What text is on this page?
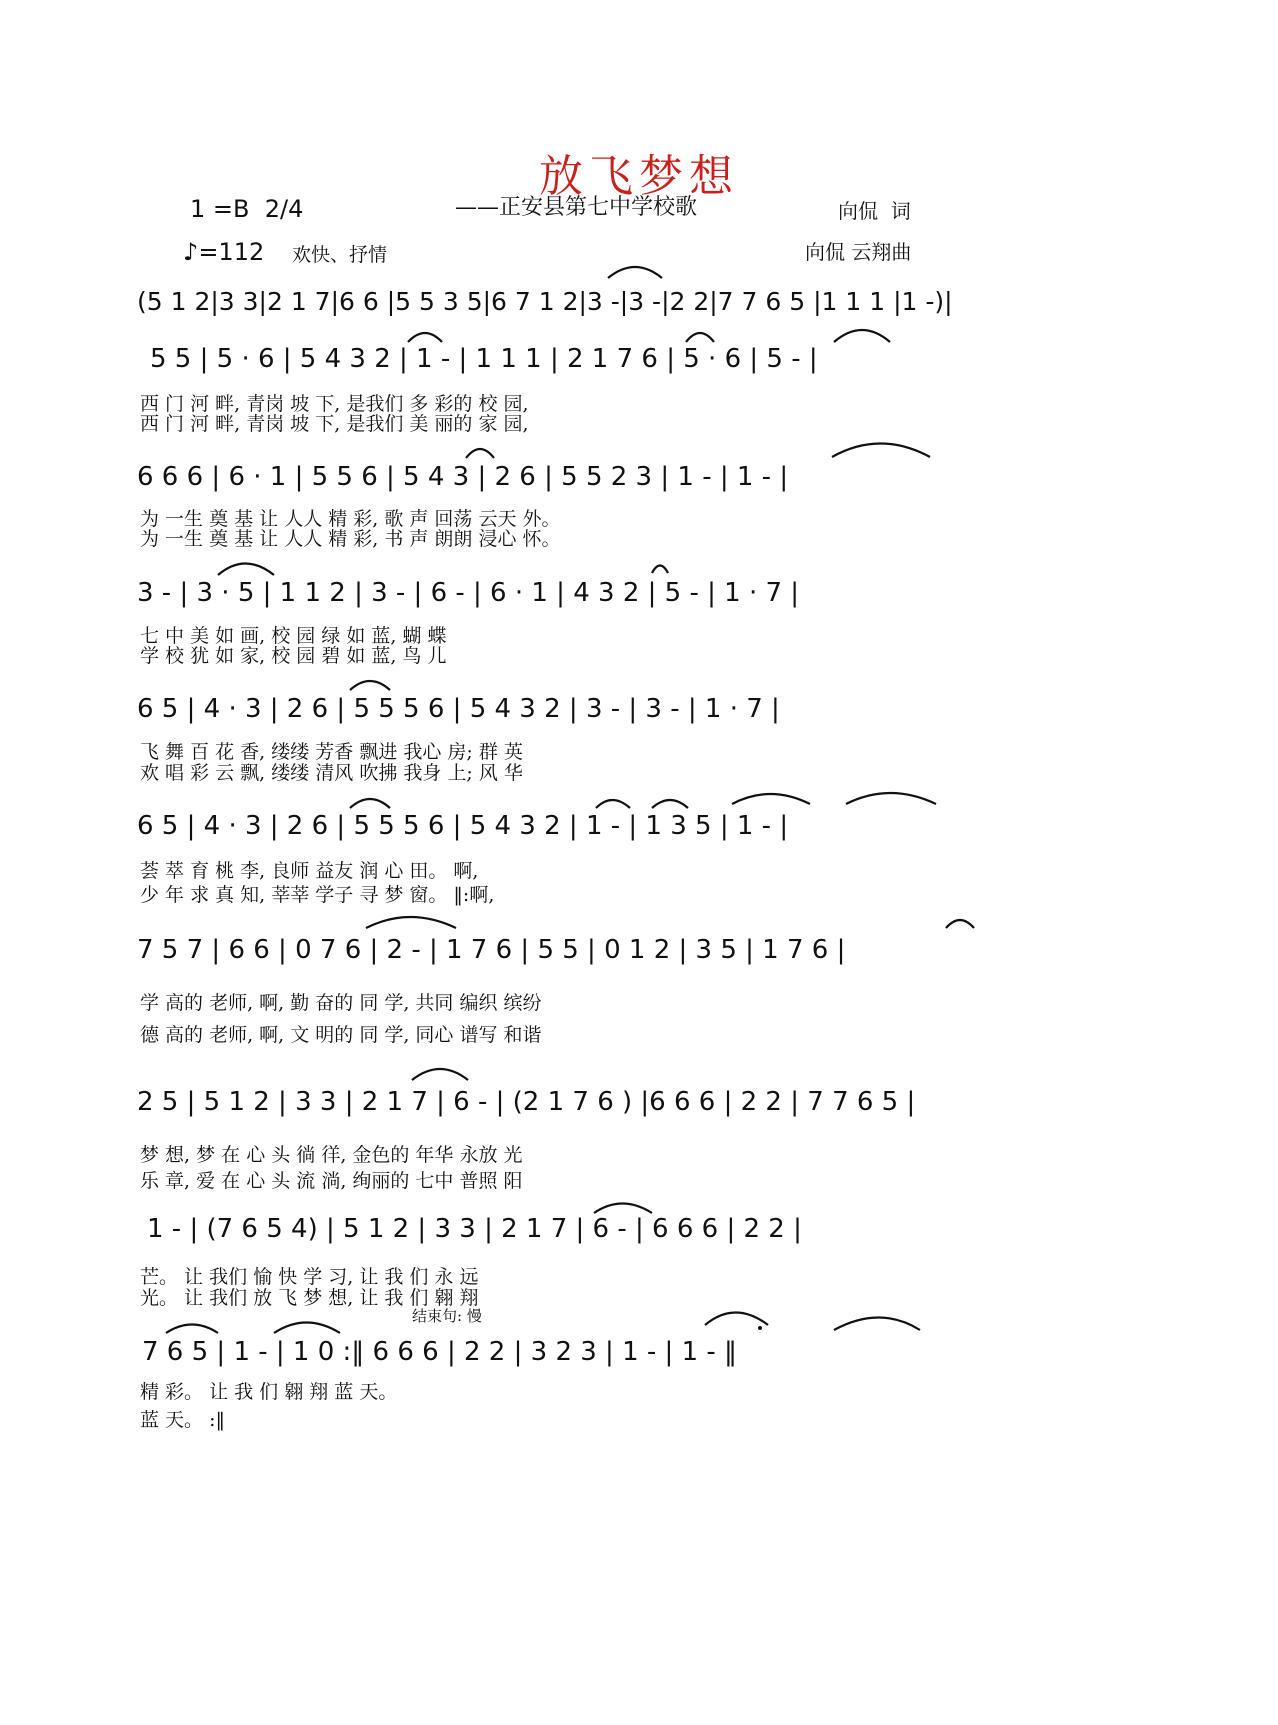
放飞梦想
1 =B  2/4	——正安县第七中学校歌	向侃  词
♪=112 欢快、抒情	向侃 云翔曲
(5 1 2|3 3|2 1 7|6 6 |5 5 3 5|6 7 1 2|3 -|3 -|2 2|7 7 6 5 |1 1 1 |1 -)|
5 5 | 5 · 6 | 5 4 3 2 | 1 - | 1 1 1 | 2 1 7 6 | 5 · 6 | 5 - |
西 门 河 畔, 青岗 坡 下, 是我们 多 彩的 校 园,
西 门 河 畔, 青岗 坡 下, 是我们 美 丽的 家 园,
6 6 6 | 6 · 1 | 5 5 6 | 5 4 3 | 2 6 | 5 5 2 3 | 1 - | 1 - |
为 一生 奠 基 让 人人 精 彩, 歌 声 回荡 云天 外。
为 一生 奠 基 让 人人 精 彩, 书 声 朗朗 浸心 怀。
3 - | 3 · 5 | 1 1 2 | 3 - | 6 - | 6 · 1 | 4 3 2 | 5 - | 1 · 7 |
七 中 美 如 画, 校 园 绿 如 蓝, 蝴 蝶
学 校 犹 如 家, 校 园 碧 如 蓝, 鸟 儿
6 5 | 4 · 3 | 2 6 | 5 5 5 6 | 5 4 3 2 | 3 - | 3 - | 1 · 7 |
飞 舞 百 花 香, 缕缕 芳香 飘进 我心 房; 群 英
欢 唱 彩 云 飘, 缕缕 清风 吹拂 我身 上; 风 华
6 5 | 4 · 3 | 2 6 | 5 5 5 6 | 5 4 3 2 | 1 - | 1 3 5 | 1 - |
荟 萃 育 桃 李, 良师 益友 润 心 田。 啊,
少 年 求 真 知, 莘莘 学子 寻 梦 窗。 ‖:啊,
7 5 7 | 6 6 | 0 7 6 | 2 - | 1 7 6 | 5 5 | 0 1 2 | 3 5 | 1 7 6 |
学 高的 老师, 啊, 勤 奋的 同 学, 共同 编织 缤纷
德 高的 老师, 啊, 文 明的 同 学, 同心 谱写 和谐
2 5 | 5 1 2 | 3 3 | 2 1 7 | 6 - | (2 1 7 6 ) |6 6 6 | 2 2 | 7 7 6 5 |
梦 想, 梦 在 心 头 徜 徉, 金色的 年华 永放 光
乐 章, 爱 在 心 头 流 淌, 绚丽的 七中 普照 阳
1 - | (7 6 5 4) | 5 1 2 | 3 3 | 2 1 7 | 6 - | 6 6 6 | 2 2 |
芒。 让 我们 愉 快 学 习, 让 我 们 永 远
光。 让 我们 放 飞 梦 想, 让 我 们 翱 翔
结束句: 慢
7 6 5 | 1 - | 1 0 :‖ 6 6 6 | 2 2 | 3 2 3 | 1 - | 1 - ‖
精 彩。 让 我 们 翱 翔 蓝 天。
蓝 天。 :‖
